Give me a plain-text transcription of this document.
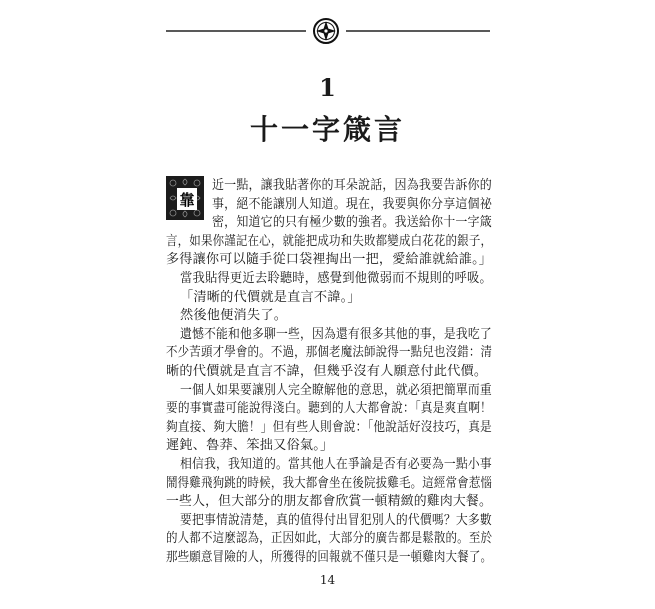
1
十一字箴言
靠
近一點，讓我貼著你的耳朵說話，因為我要告訴你的
事，絕不能讓別人知道。現在，我要與你分享這個祕
密，知道它的只有極少數的強者。我送給你十一字箴
言，如果你謹記在心，就能把成功和失敗都變成白花花的銀子，
多得讓你可以隨手從口袋裡掏出一把，愛給誰就給誰。」
當我貼得更近去聆聽時，感覺到他微弱而不規則的呼吸。
「清晰的代價就是直言不諱。」
然後他便消失了。
遺憾不能和他多聊一些，因為還有很多其他的事，是我吃了
不少苦頭才學會的。不過，那個老魔法師說得一點兒也沒錯：清
晰的代價就是直言不諱，但幾乎沒有人願意付此代價。
一個人如果要讓別人完全瞭解他的意思，就必須把簡單而重
要的事實盡可能說得淺白。聽到的人大都會說：「真是爽直啊！
夠直接、夠大膽！」但有些人則會說：「他說話好沒技巧，真是
遲鈍、魯莽、笨拙又俗氣。」
相信我，我知道的。當其他人在爭論是否有必要為一點小事
鬧得雞飛狗跳的時候，我大都會坐在後院拔雞毛。這經常會惹惱
一些人，但大部分的朋友都會欣賞一頓精緻的雞肉大餐。
要把事情說清楚，真的值得付出冒犯別人的代價嗎？大多數
的人都不這麼認為，正因如此，大部分的廣告都是鬆散的。至於
那些願意冒險的人，所獲得的回報就不僅只是一頓雞肉大餐了。
14
